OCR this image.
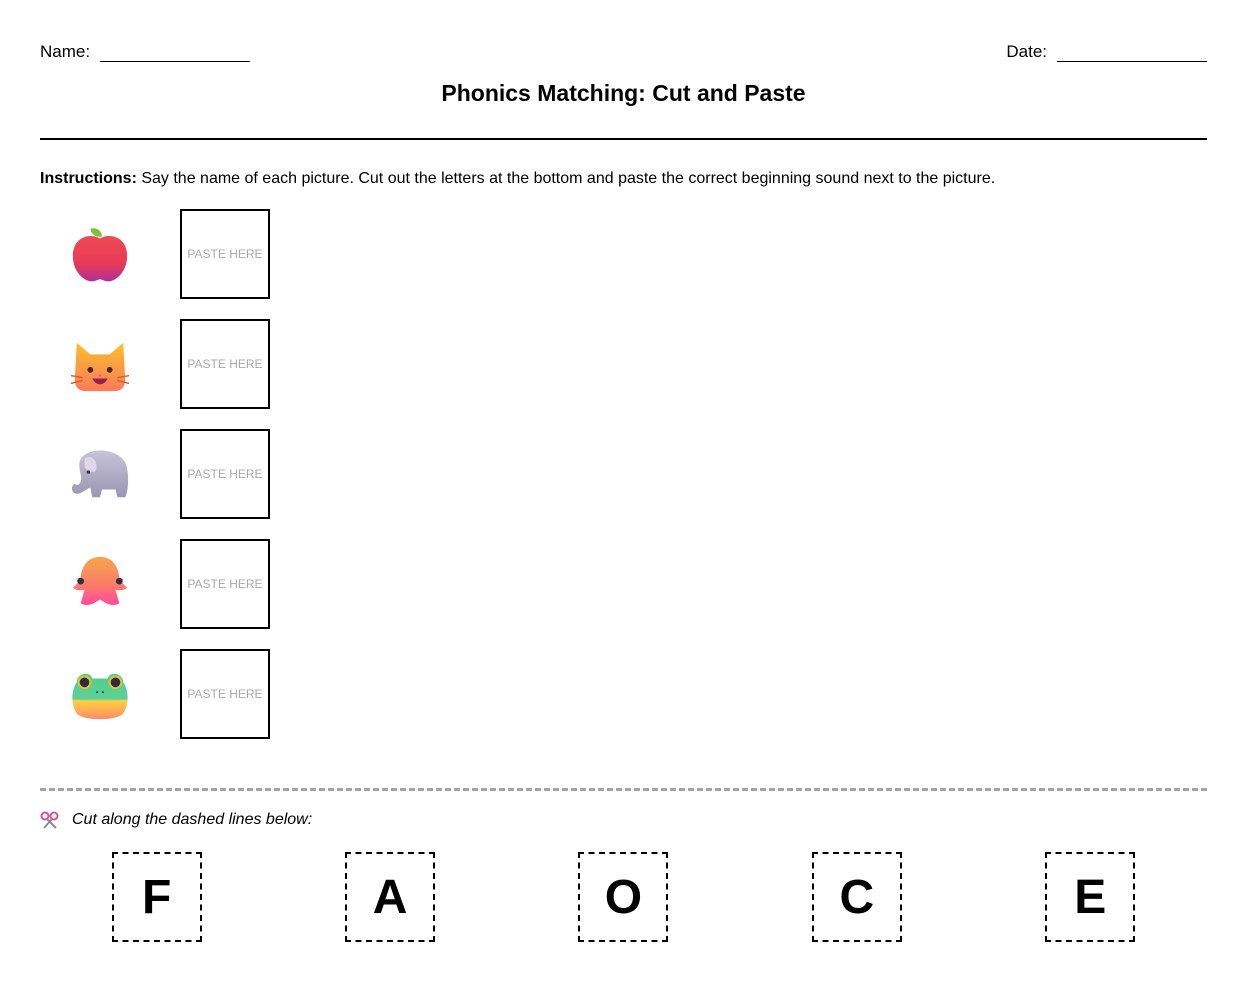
Name:	Date:
Phonics Matching: Cut and Paste
Instructions: Say the name of each picture. Cut out the letters at the bottom and paste the correct beginning sound next to the picture.
PASTE HERE
PASTE HERE
PASTE HERE
PASTE HERE
PASTE HERE
Cut along the dashed lines below:
F	A	O	C	E
